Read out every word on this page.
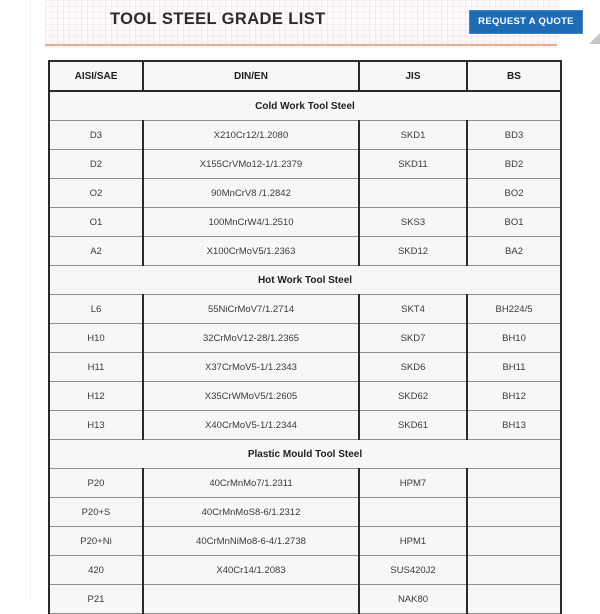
TOOL STEEL GRADE LIST	REQUEST A QUOTE
AISI/SAE	DIN/EN	JIS	BS
Cold Work Tool Steel			
D3	X210Cr12/1.2080	SKD1	BD3
D2	X155CrVMo12-1/1.2379	SKD11	BD2
O2	90MnCrV8 /1.2842		BO2
O1	100MnCrW4/1.2510	SKS3	BO1
A2	X100CrMoV5/1.2363	SKD12	BA2
Hot Work Tool Steel			
L6	55NiCrMoV7/1.2714	SKT4	BH224/5
H10	32CrMoV12-28/1.2365	SKD7	BH10
H11	X37CrMoV5-1/1.2343	SKD6	BH11
H12	X35CrWMoV5/1.2605	SKD62	BH12
H13	X40CrMoV5-1/1.2344	SKD61	BH13
Plastic Mould Tool Steel			
P20	40CrMnMo7/1.2311	HPM7	
P20+S	40CrMnMoS8-6/1.2312		
P20+Ni	40CrMnNiMo8-6-4/1.2738	HPM1	
420	X40Cr14/1.2083	SUS420J2	
P21		NAK80	
